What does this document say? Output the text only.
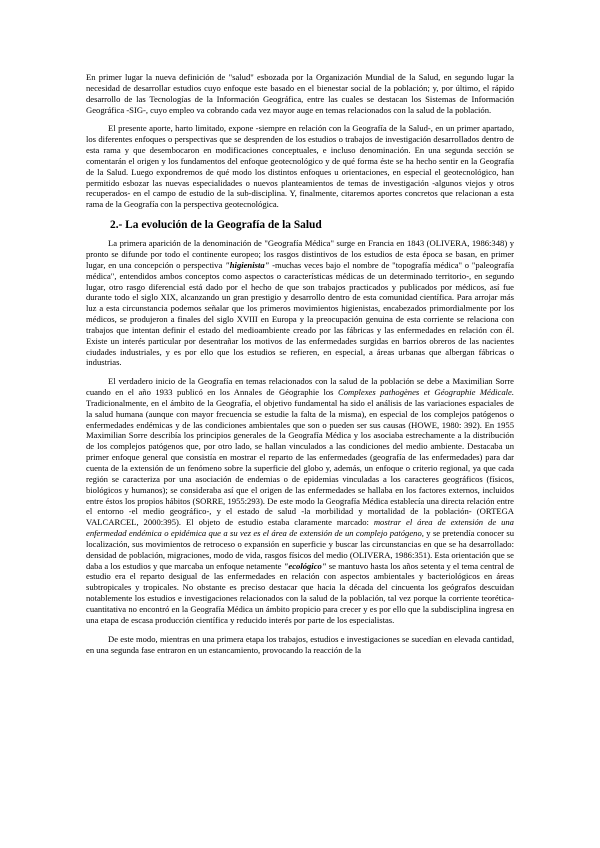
En primer lugar la nueva definición de "salud" esbozada por la Organización Mundial de la Salud, en segundo lugar la necesidad de desarrollar estudios cuyo enfoque este basado en el bienestar social de la población; y, por último, el rápido desarrollo de las Tecnologías de la Información Geográfica, entre las cuales se destacan los Sistemas de Información Geográfica -SIG-, cuyo empleo va cobrando cada vez mayor auge en temas relacionados con la salud de la población.

El presente aporte, harto limitado, expone -siempre en relación con la Geografía de la Salud-, en un primer apartado, los diferentes enfoques o perspectivas que se desprenden de los estudios o trabajos de investigación desarrollados dentro de esta rama y que desembocaron en modificaciones conceptuales, e incluso denominación. En una segunda sección se comentarán el origen y los fundamentos del enfoque geotecnológico y de qué forma éste se ha hecho sentir en la Geografía de la Salud. Luego expondremos de qué modo los distintos enfoques u orientaciones, en especial el geotecnológico, han permitido esbozar las nuevas especialidades o nuevos planteamientos de temas de investigación -algunos viejos y otros recuperados- en el campo de estudio de la sub-disciplina. Y, finalmente, citaremos aportes concretos que relacionan a esta rama de la Geografía con la perspectiva geotecnológica.

2.- La evolución de la Geografía de la Salud

La primera aparición de la denominación de "Geografía Médica" surge en Francia en 1843 (OLIVERA, 1986:348) y pronto se difunde por todo el continente europeo; los rasgos distintivos de los estudios de esta época se basan, en primer lugar, en una concepción o perspectiva "higienista" -muchas veces bajo el nombre de "topografía médica" o "paleografía médica", entendidos ambos conceptos como aspectos o características médicas de un determinado territorio-, en segundo lugar, otro rasgo diferencial está dado por el hecho de que son trabajos practicados y publicados por médicos, así fue durante todo el siglo XIX, alcanzando un gran prestigio y desarrollo dentro de esta comunidad científica. Para arrojar más luz a esta circunstancia podemos señalar que los primeros movimientos higienistas, encabezados primordialmente por los médicos, se produjeron a finales del siglo XVIII en Europa y la preocupación genuina de esta corriente se relaciona con trabajos que intentan definir el estado del medioambiente creado por las fábricas y las enfermedades en relación con él. Existe un interés particular por desentrañar los motivos de las enfermedades surgidas en barrios obreros de las nacientes ciudades industriales, y es por ello que los estudios se refieren, en especial, a áreas urbanas que albergan fábricas o industrias.

El verdadero inicio de la Geografía en temas relacionados con la salud de la población se debe a Maximilian Sorre cuando en el año 1933 publicó en los Annales de Géographie los Complexes pathogènes et Géographie Médicale. Tradicionalmente, en el ámbito de la Geografía, el objetivo fundamental ha sido el análisis de las variaciones espaciales de la salud humana (aunque con mayor frecuencia se estudie la falta de la misma), en especial de los complejos patógenos o enfermedades endémicas y de las condiciones ambientales que son o pueden ser sus causas (HOWE, 1980: 392). En 1955 Maximilian Sorre describía los principios generales de la Geografía Médica y los asociaba estrechamente a la distribución de los complejos patógenos que, por otro lado, se hallan vinculados a las condiciones del medio ambiente. Destacaba un primer enfoque general que consistía en mostrar el reparto de las enfermedades (geografía de las enfermedades) para dar cuenta de la extensión de un fenómeno sobre la superficie del globo y, además, un enfoque o criterio regional, ya que cada región se caracteriza por una asociación de endemias o de epidemias vinculadas a los caracteres geográficos (físicos, biológicos y humanos); se consideraba así que el origen de las enfermedades se hallaba en los factores externos, incluidos entre éstos los propios hábitos (SORRE, 1955:293). De este modo la Geografía Médica establecía una directa relación entre el entorno -el medio geográfico-, y el estado de salud -la morbilidad y mortalidad de la población- (ORTEGA VALCARCEL, 2000:395). El objeto de estudio estaba claramente marcado: mostrar el área de extensión de una enfermedad endémica o epidémica que a su vez es el área de extensión de un complejo patógeno, y se pretendía conocer su localización, sus movimientos de retroceso o expansión en superficie y buscar las circunstancias en que se ha desarrollado: densidad de población, migraciones, modo de vida, rasgos físicos del medio (OLIVERA, 1986:351). Esta orientación que se daba a los estudios y que marcaba un enfoque netamente "ecológico" se mantuvo hasta los años setenta y el tema central de estudio era el reparto desigual de las enfermedades en relación con aspectos ambientales y bacteriológicos en áreas subtropicales y tropicales. No obstante es preciso destacar que hacia la década del cincuenta los geógrafos descuidan notablemente los estudios e investigaciones relacionados con la salud de la población, tal vez porque la corriente teorética-cuantitativa no encontró en la Geografía Médica un ámbito propicio para crecer y es por ello que la subdisciplina ingresa en una etapa de escasa producción científica y reducido interés por parte de los especialistas.

De este modo, mientras en una primera etapa los trabajos, estudios e investigaciones se sucedían en elevada cantidad, en una segunda fase entraron en un estancamiento, provocando la reacción de la
